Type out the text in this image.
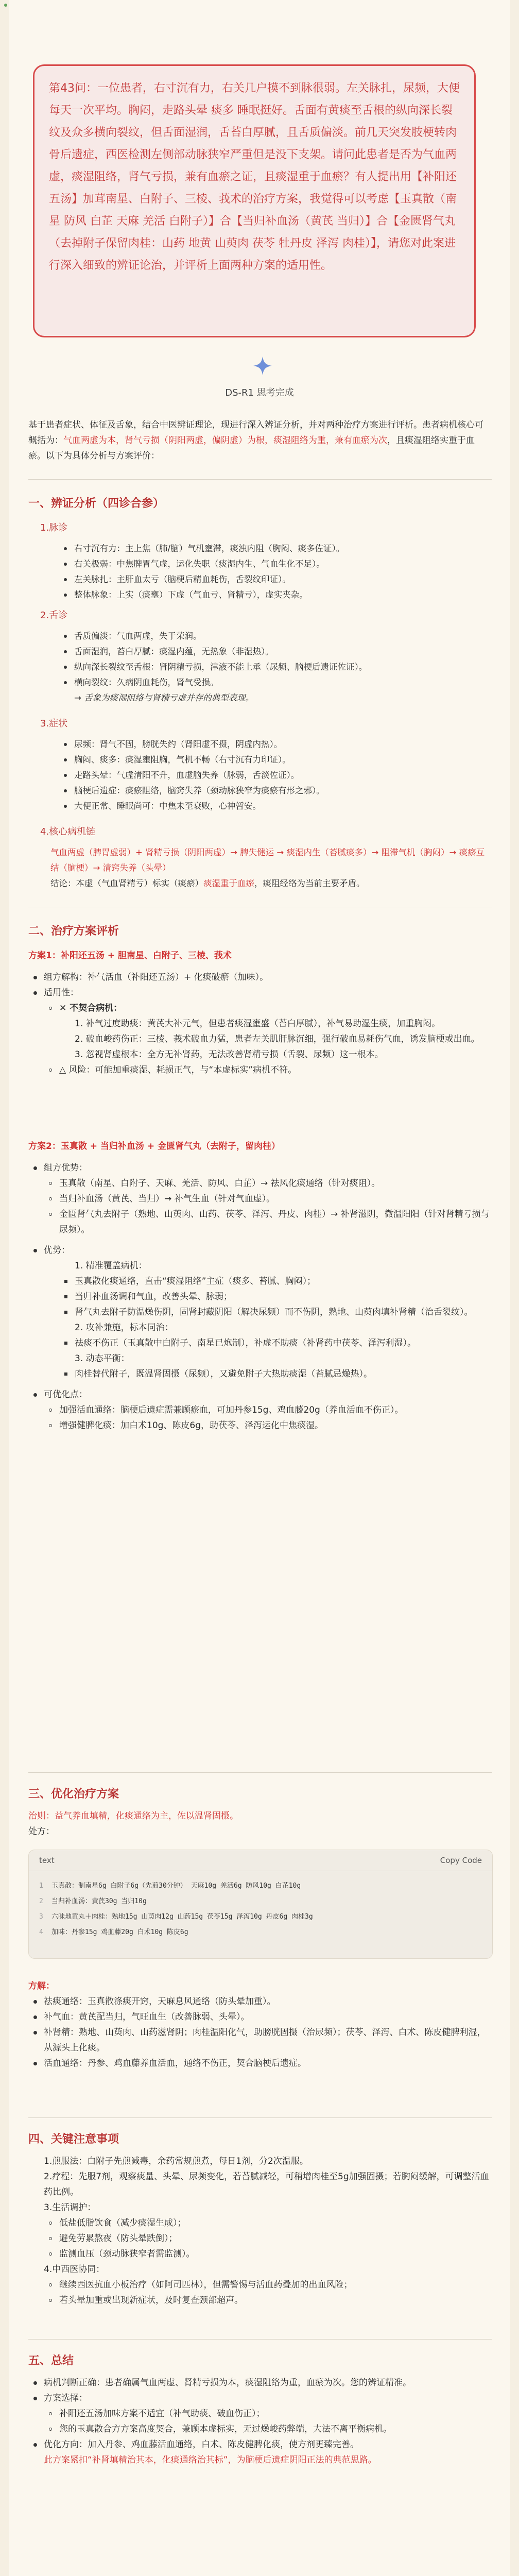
第43问：一位患者，右寸沉有力，右关几户摸不到脉很弱。左关脉扎，尿频，大便每天一次平均。胸闷，走路头晕 痰多 睡眠挺好。舌面有黄痰至舌根的纵向深长裂纹及众多横向裂纹，但舌面湿润，舌苔白厚腻，且舌质偏淡。前几天突发肢梗转肉骨后遗症，西医检测左侧部动脉狭窄严重但是没下支架。请问此患者是否为气血两虚，痰湿阻络，肾气亏损，兼有血瘀之证，且痰湿重于血瘀？有人提出用【补阳还五汤】加茸南星、白附子、三棱、莪术的治疗方案，我觉得可以考虑【玉真散（南星 防风 白芷 天麻 羌活 白附子）】合【当归补血汤（黄芪 当归）】合【金匮肾气丸（去掉附子保留肉桂：山药 地黄 山萸肉 茯苓 牡丹皮 泽泻 肉桂）】，请您对此案进行深入细致的辨证论治，并评析上面两种方案的适用性。
DS-R1 思考完成

基于患者症状、体征及舌象，结合中医辨证理论，现进行深入辨证分析，并对两种治疗方案进行评析。患者病机核心可概括为：气血两虚为本，肾气亏损（阴阳两虚，偏阴虚）为根，痰湿阻络为重，兼有血瘀为次，且痰湿阻络实重于血瘀。以下为具体分析与方案评价：

一、辨证分析（四诊合参）
1.脉诊
右寸沉有力：主上焦（肺/脑）气机壅滞，痰浊内阻（胸闷、痰多佐证）。
右关极弱：中焦脾胃气虚，运化失职（痰湿内生、气血生化不足）。
左关脉扎：主肝血太亏（脑梗后精血耗伤，舌裂纹印证）。
整体脉象：上实（痰壅）下虚（气血亏、肾精亏），虚实夹杂。
2.舌诊
舌质偏淡：气血两虚，失于荣润。
舌面湿润，苔白厚腻：痰湿内蕴，无热象（非湿热）。
纵向深长裂纹至舌根：肾阴精亏损，津液不能上承（尿频、脑梗后遗证佐证）。
横向裂纹：久病阴血耗伤，肾气受损。
→ 舌象为痰湿阻络与肾精亏虚并存的典型表现。
3.症状
尿频：肾气不固，膀胱失约（肾阳虚不摄，阴虚内热）。
胸闷、痰多：痰湿壅阻胸，气机不畅（右寸沉有力印证）。
走路头晕：气虚清阳不升，血虚脑失养（脉弱，舌淡佐证）。
脑梗后遗症：痰瘀阻络，脑窍失养（颈动脉狭窄为痰瘀有形之邪）。
大便正常、睡眠尚可：中焦未至衰败，心神暂安。
4.核心病机链
气血两虚（脾胃虚弱）+ 肾精亏损（阴阳两虚）→ 脾失健运 → 痰湿内生（苔腻痰多）→ 阻滞气机（胸闷）→ 痰瘀互结（脑梗）→ 清窍失养（头晕）
结论：本虚（气血肾精亏）标实（痰瘀）痰湿重于血瘀，痰阻经络为当前主要矛盾。
二、治疗方案评析
方案1：补阳还五汤 + 胆南星、白附子、三棱、莪术
组方解构：补气活血（补阳还五汤）+ 化痰破瘀（加味）。
适用性：
✕ 不契合病机：
1. 补气过度助痰：黄芪大补元气，但患者痰湿壅盛（苔白厚腻），补气易助湿生痰，加重胸闷。
2. 破血峻药伤正：三棱、莪术破血力猛，患者左关肌肝脉沉细，强行破血易耗伤气血，诱发脑梗或出血。
3. 忽视肾虚根本：全方无补肾药，无法改善肾精亏损（舌裂、尿频）这一根本。
△ 风险：可能加重痰湿、耗损正气，与“本虚标实”病机不符。
方案2：玉真散 + 当归补血汤 + 金匮肾气丸（去附子，留肉桂）
组方优势：
玉真散（南星、白附子、天麻、羌活、防风、白芷）→ 祛风化痰通络（针对痰阻）。
当归补血汤（黄芪、当归）→ 补气生血（针对气血虚）。
金匮肾气丸去附子（熟地、山萸肉、山药、茯苓、泽泻、丹皮、肉桂）→ 补肾滋阴，微温阳阳（针对肾精亏损与尿频）。
优势：
1. 精准覆盖病机：
玉真散化痰通络，直击“痰湿阻络”主症（痰多、苔腻、胸闷）；
当归补血汤调和气血，改善头晕、脉弱；
肾气丸去附子防温燥伤阴，固肾封藏阴阳（解决尿频）而不伤阴，熟地、山萸肉填补肾精（治舌裂纹）。
2. 攻补兼施，标本同治：
祛痰不伤正（玉真散中白附子、南星已炮制），补虚不助痰（补肾药中茯苓、泽泻利湿）。
3. 动态平衡：
肉桂替代附子，既温肾固摄（尿频），又避免附子大热助痰湿（苔腻忌燥热）。
可优化点：
加强活血通络：脑梗后遗症需兼顾瘀血，可加丹参15g、鸡血藤20g（养血活血不伤正）。
增强健脾化痰：加白术10g、陈皮6g，助茯苓、泽泻运化中焦痰湿。
三、优化治疗方案
治则：益气养血填精，化痰通络为主，佐以温肾固摄。
处方：
text	Copy Code
1 玉真散：制南星6g 白附子6g（先煎30分钟） 天麻10g 羌活6g 防风10g 白芷10g
2 当归补血汤：黄芪30g 当归10g
3 六味地黄丸＋肉桂：熟地15g 山萸肉12g 山药15g 茯苓15g 泽泻10g 丹皮6g 肉桂3g
4 加味：丹参15g 鸡血藤20g 白术10g 陈皮6g
方解：
祛痰通络：玉真散涤痰开窍，天麻息风通络（防头晕加重）。
补气血：黄芪配当归，气旺血生（改善脉弱、头晕）。
补肾精：熟地、山萸肉、山药滋肾阴；肉桂温阳化气，助膀胱固摄（治尿频）；茯苓、泽泻、白术、陈皮健脾利湿，从源头上化痰。
活血通络：丹参、鸡血藤养血活血，通络不伤正，契合脑梗后遗症。
四、关键注意事项
1.煎服法：白附子先煎减毒，余药常规煎煮，每日1剂，分2次温服。
2.疗程：先服7剂，观察痰量、头晕、尿频变化，若苔腻减轻，可稍增肉桂至5g加强固摄；若胸闷缓解，可调整活血药比例。
3.生活调护：
低盐低脂饮食（减少痰湿生成）；
避免劳累熬夜（防头晕跌倒）；
监测血压（颈动脉狭窄者需监测）。
4.中西医协同：
继续西医抗血小板治疗（如阿司匹林），但需警惕与活血药叠加的出血风险；
若头晕加重或出现新症状，及时复查颈部超声。
五、总结
病机判断正确：患者确属气血两虚、肾精亏损为本，痰湿阻络为重，血瘀为次。您的辨证精准。
方案选择：
补阳还五汤加味方案不适宜（补气助痰、破血伤正）；
您的玉真散合方方案高度契合，兼顾本虚标实，无过燥峻药弊端，大法不离平衡病机。
优化方向：加入丹参、鸡血藤活血通络，白术、陈皮健脾化痰，使方剂更臻完善。
此方案紧扣“补肾填精治其本，化痰通络治其标”，为脑梗后遗症阴阳正法的典范思路。
